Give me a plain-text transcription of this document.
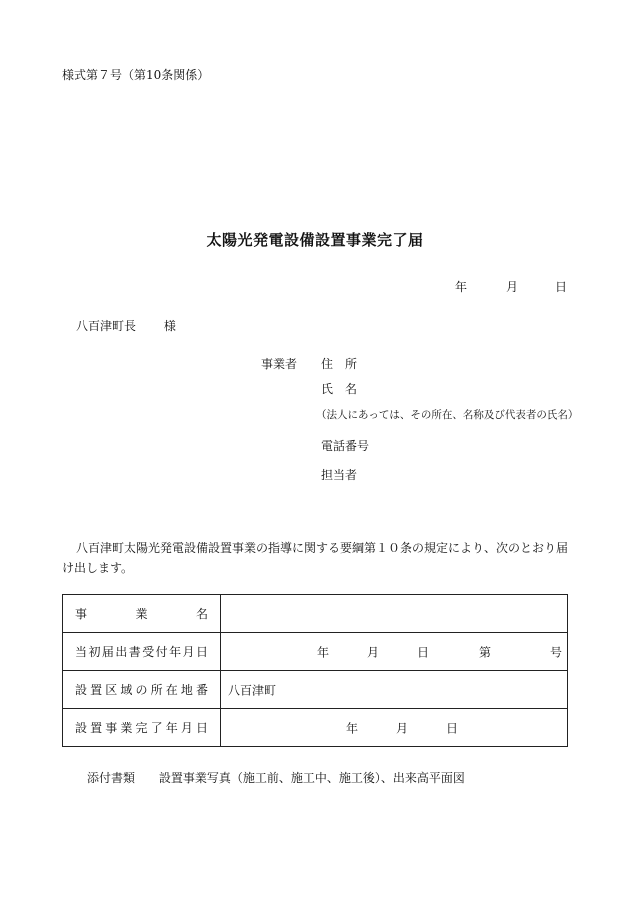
様式第７号（第10条関係）
太陽光発電設備設置事業完了届
年	月	日
八百津町長 様
事業者 住　所
氏　名
（法人にあっては、その所在、名称及び代表者の氏名）
電話番号
担当者
八百津町太陽光発電設備設置事業の指導に関する要綱第１０条の規定により、次のとおり届け出します。
事業名	
当初届出書受付年月日	年 月 日 第 号

設置区域の所在地番	八百津町

設置事業完了年月日	年 月 日
添付書類 設置事業写真（施工前、施工中、施工後）、出来高平面図
